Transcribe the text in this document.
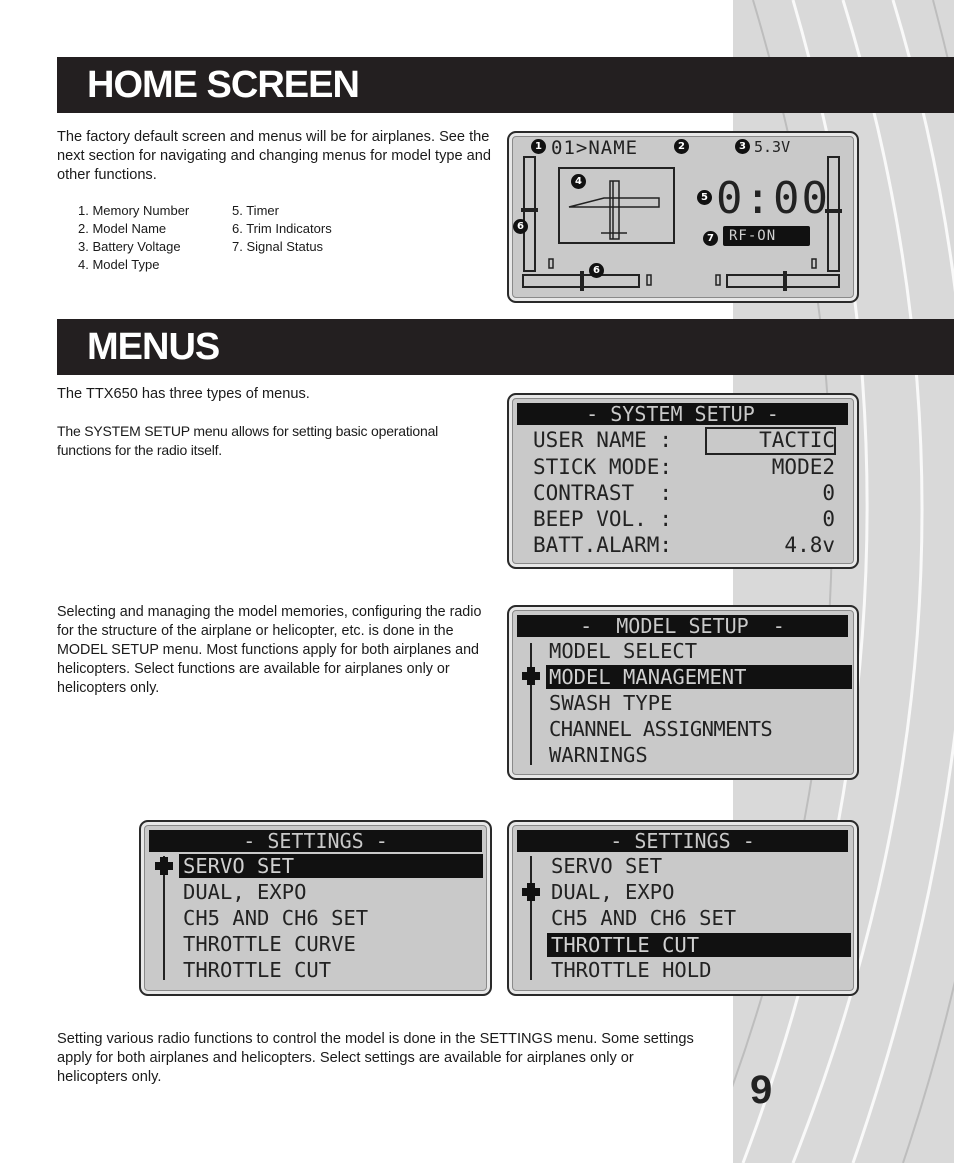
HOME SCREEN
The factory default screen and menus will be for airplanes. See the next section for navigating and changing menus for model type and other functions.
1. Memory Number
2. Model Name
3. Battery Voltage
4. Model Type
5. Timer
6. Trim Indicators
7. Signal Status
01>NAME	5.3V
0:00
RF-ON
1	2	3
4
5
6
6
7
MENUS
The TTX650 has three types of menus.
The SYSTEM SETUP menu allows for setting basic operational functions for the radio itself.
- SYSTEM SETUP -
USER NAME :	TACTIC
STICK MODE:	MODE2
CONTRAST  :	0
BEEP VOL. :	0
BATT.ALARM:	4.8v
Selecting and managing the model memories, configuring the radio for the structure of the airplane or helicopter, etc. is done in the MODEL SETUP menu. Most functions apply for both airplanes and helicopters. Select functions are available for airplanes only or helicopters only.
-  MODEL SETUP  -
MODEL SELECT
MODEL MANAGEMENT
SWASH TYPE
CHANNEL ASSIGNMENTS
WARNINGS
- SETTINGS -
SERVO SET
DUAL, EXPO
CH5 AND CH6 SET
THROTTLE CURVE
THROTTLE CUT
- SETTINGS -
SERVO SET
DUAL, EXPO
CH5 AND CH6 SET
THROTTLE CUT
THROTTLE HOLD
Setting various radio functions to control the model is done in the SETTINGS menu. Some settings apply for both airplanes and helicopters. Select settings are available for airplanes only or helicopters only.	9
